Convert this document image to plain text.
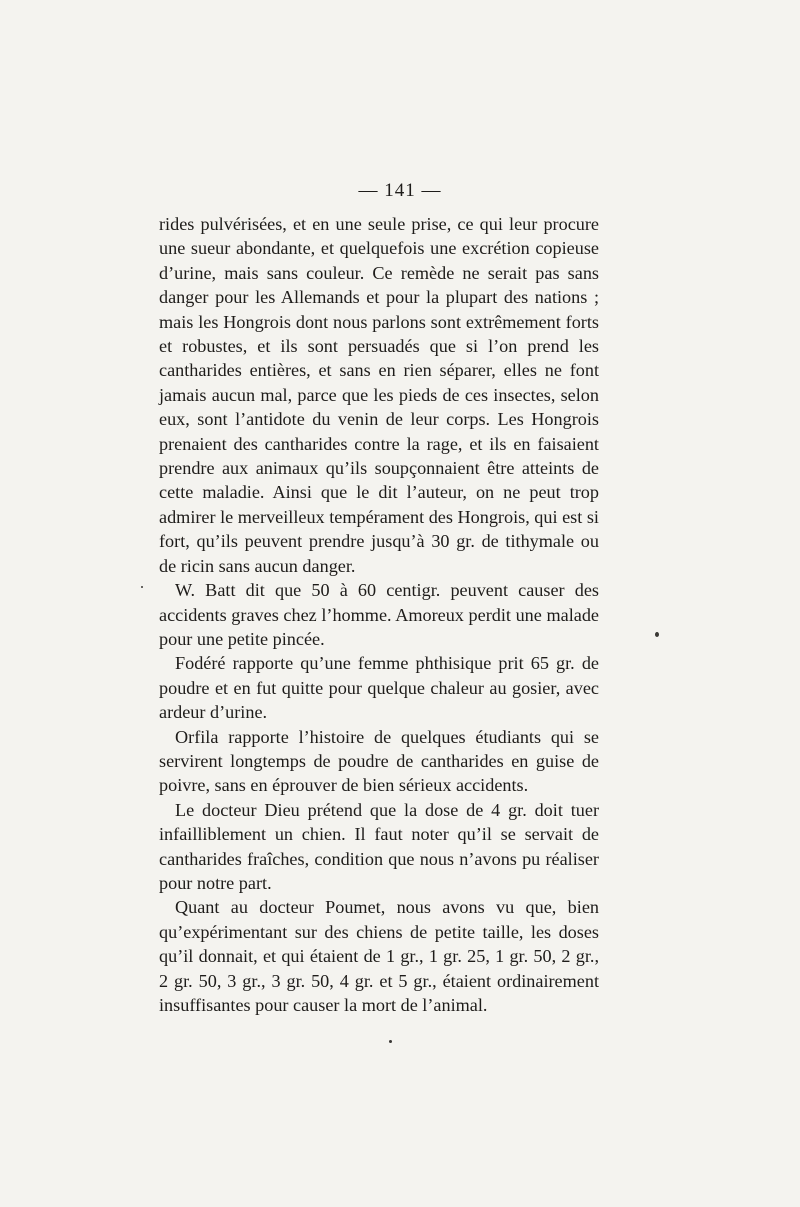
— 141 —

rides pulvérisées, et en une seule prise, ce qui leur procure une sueur abondante, et quelquefois une excrétion copieuse d’urine, mais sans couleur. Ce remède ne serait pas sans danger pour les Allemands et pour la plupart des nations ; mais les Hongrois dont nous parlons sont extrêmement forts et robustes, et ils sont persuadés que si l’on prend les cantharides entières, et sans en rien séparer, elles ne font jamais aucun mal, parce que les pieds de ces insectes, selon eux, sont l’antidote du venin de leur corps. Les Hongrois prenaient des cantharides contre la rage, et ils en faisaient prendre aux animaux qu’ils soupçonnaient être atteints de cette maladie. Ainsi que le dit l’auteur, on ne peut trop admirer le merveilleux tempérament des Hongrois, qui est si fort, qu’ils peuvent prendre jusqu’à 30 gr. de tithymale ou de ricin sans aucun danger.

W. Batt dit que 50 à 60 centigr. peuvent causer des accidents graves chez l’homme. Amoreux perdit une malade pour une petite pincée.

Fodéré rapporte qu’une femme phthisique prit 65 gr. de poudre et en fut quitte pour quelque chaleur au gosier, avec ardeur d’urine.

Orfila rapporte l’histoire de quelques étudiants qui se servirent longtemps de poudre de cantharides en guise de poivre, sans en éprouver de bien sérieux accidents.

Le docteur Dieu prétend que la dose de 4 gr. doit tuer infailliblement un chien. Il faut noter qu’il se servait de cantharides fraîches, condition que nous n’avons pu réaliser pour notre part.

Quant au docteur Poumet, nous avons vu que, bien qu’expérimentant sur des chiens de petite taille, les doses qu’il donnait, et qui étaient de 1 gr., 1 gr. 25, 1 gr. 50, 2 gr., 2 gr. 50, 3 gr., 3 gr. 50, 4 gr. et 5 gr., étaient ordinairement insuffisantes pour causer la mort de l’animal.
